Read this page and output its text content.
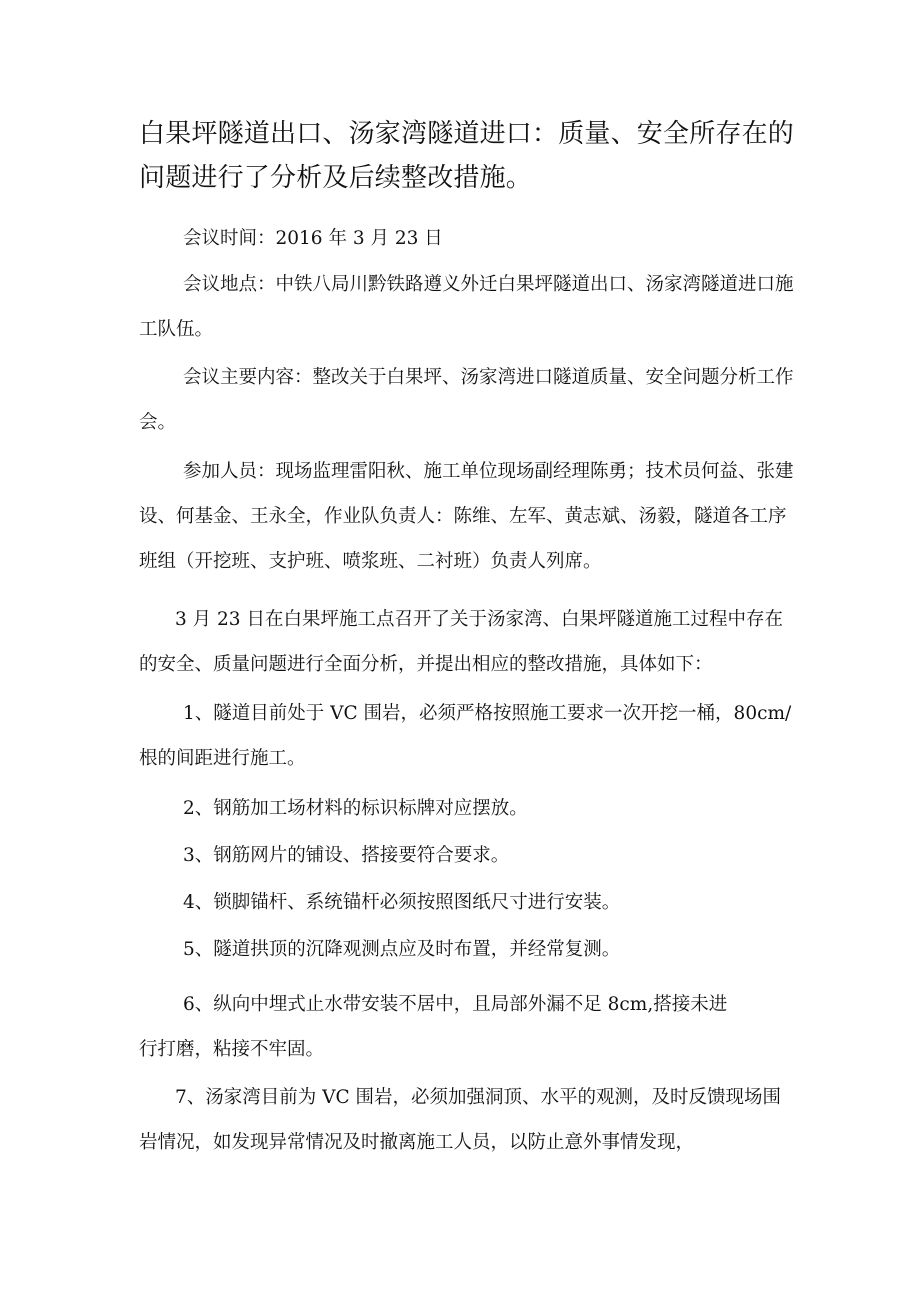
白果坪隧道出口、汤家湾隧道进口：质量、安全所存在的问题进行了分析及后续整改措施。

会议时间：2016 年 3 月 23 日

会议地点：中铁八局川黔铁路遵义外迁白果坪隧道出口、汤家湾隧道进口施工队伍。

会议主要内容：整改关于白果坪、汤家湾进口隧道质量、安全问题分析工作会。

参加人员：现场监理雷阳秋、施工单位现场副经理陈勇；技术员何益、张建设、何基金、王永全，作业队负责人：陈维、左军、黄志斌、汤毅，隧道各工序班组（开挖班、支护班、喷浆班、二衬班）负责人列席。

3 月 23 日在白果坪施工点召开了关于汤家湾、白果坪隧道施工过程中存在的安全、质量问题进行全面分析，并提出相应的整改措施，具体如下：

1、隧道目前处于 VC 围岩，必须严格按照施工要求一次开挖一桶，80cm/根的间距进行施工。

2、钢筋加工场材料的标识标牌对应摆放。

3、钢筋网片的铺设、搭接要符合要求。

4、锁脚锚杆、系统锚杆必须按照图纸尺寸进行安装。

5、隧道拱顶的沉降观测点应及时布置，并经常复测。

6、纵向中埋式止水带安装不居中，且局部外漏不足 8cm,搭接未进行打磨，粘接不牢固。

7、汤家湾目前为 VC 围岩，必须加强洞顶、水平的观测，及时反馈现场围岩情况，如发现异常情况及时撤离施工人员，以防止意外事情发现，
